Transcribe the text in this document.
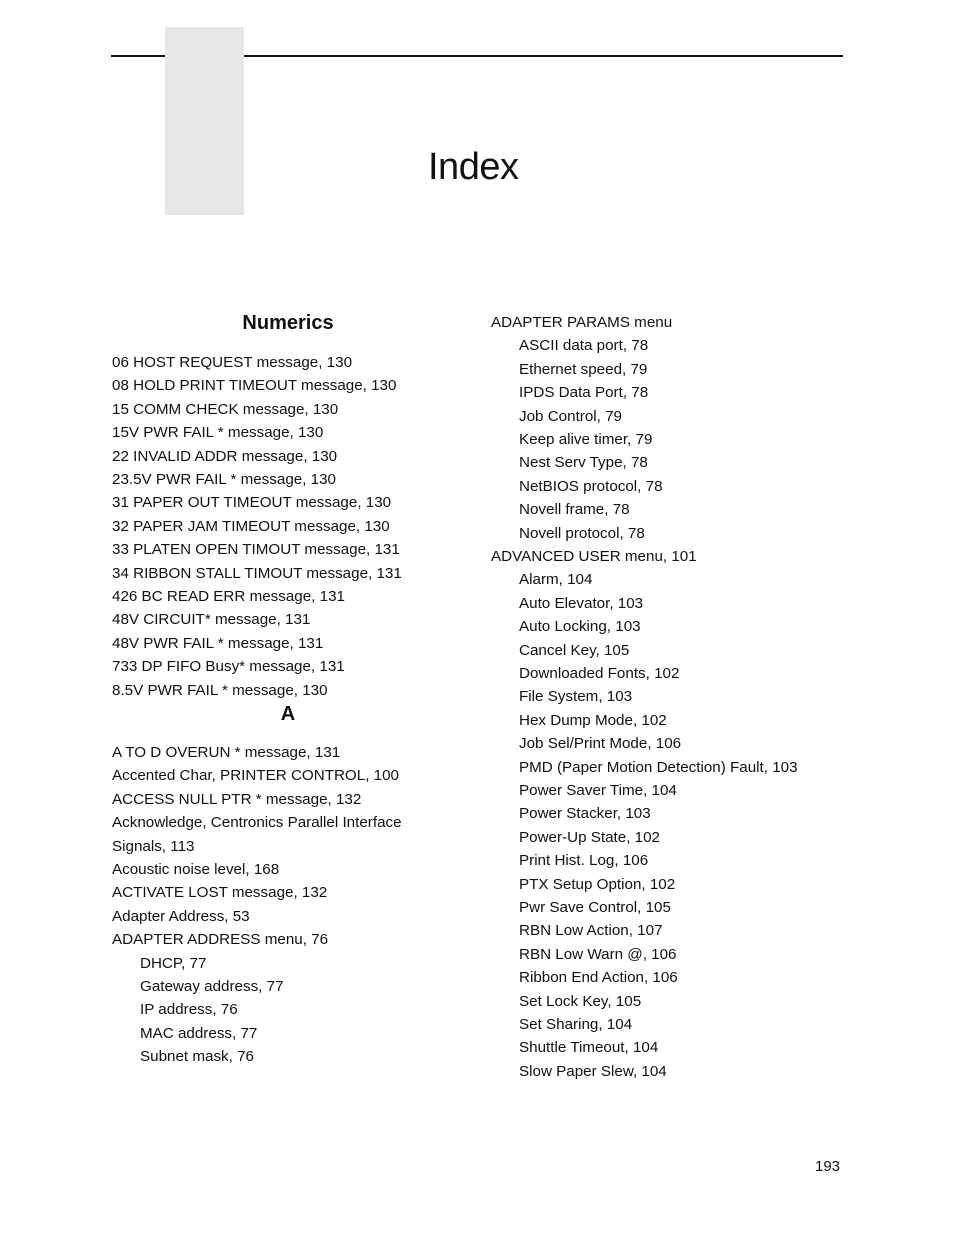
Index
Numerics
A
06 HOST REQUEST message, 130
08 HOLD PRINT TIMEOUT message, 130
15 COMM CHECK message, 130
15V PWR FAIL * message, 130
22 INVALID ADDR message, 130
23.5V PWR FAIL * message, 130
31 PAPER OUT TIMEOUT message, 130
32 PAPER JAM TIMEOUT message, 130
33 PLATEN OPEN TIMOUT message, 131
34 RIBBON STALL TIMOUT message, 131
426 BC READ ERR message, 131
48V CIRCUIT* message, 131
48V PWR FAIL * message, 131
733 DP FIFO Busy* message, 131
8.5V PWR FAIL * message, 130
A TO D OVERUN * message, 131
Accented Char, PRINTER CONTROL, 100
ACCESS NULL PTR * message, 132
Acknowledge, Centronics Parallel Interface
Signals, 113
Acoustic noise level, 168
ACTIVATE LOST message, 132
Adapter Address, 53
ADAPTER ADDRESS menu, 76
DHCP, 77
Gateway address, 77
IP address, 76
MAC address, 77
Subnet mask, 76
ADAPTER PARAMS menu
ASCII data port, 78
Ethernet speed, 79
IPDS Data Port, 78
Job Control, 79
Keep alive timer, 79
Nest Serv Type, 78
NetBIOS protocol, 78
Novell frame, 78
Novell protocol, 78
ADVANCED USER menu, 101
Alarm, 104
Auto Elevator, 103
Auto Locking, 103
Cancel Key, 105
Downloaded Fonts, 102
File System, 103
Hex Dump Mode, 102
Job Sel/Print Mode, 106
PMD (Paper Motion Detection) Fault, 103
Power Saver Time, 104
Power Stacker, 103
Power-Up State, 102
Print Hist. Log, 106
PTX Setup Option, 102
Pwr Save Control, 105
RBN Low Action, 107
RBN Low Warn @, 106
Ribbon End Action, 106
Set Lock Key, 105
Set Sharing, 104
Shuttle Timeout, 104
Slow Paper Slew, 104
193
